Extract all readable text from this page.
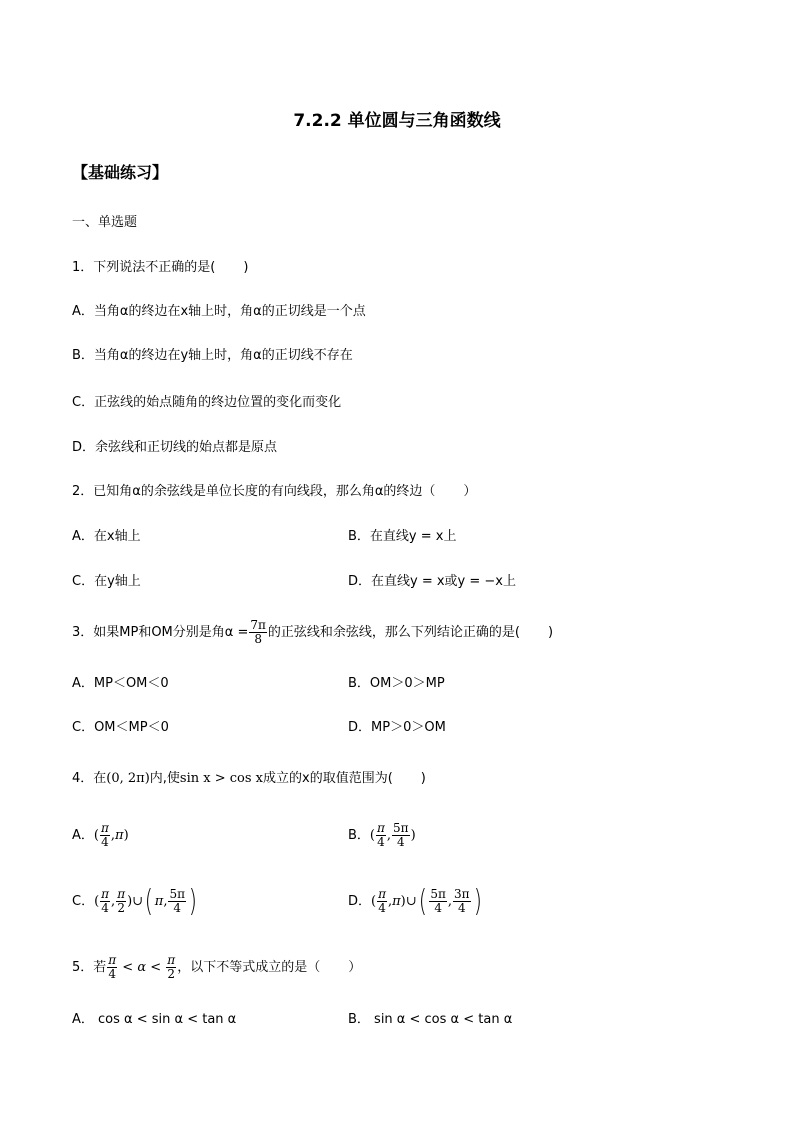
7.2.2 单位圆与三角函数线
【基础练习】
一、单选题
1．下列说法不正确的是( )
A．当角α的终边在x轴上时，角α的正切线是一个点
B．当角α的终边在y轴上时，角α的正切线不存在
C．正弦线的始点随角的终边位置的变化而变化
D．余弦线和正切线的始点都是原点
2．已知角α的余弦线是单位长度的有向线段，那么角α的终边（ ）
A．在x轴上	B．在直线y = x上
C．在y轴上	D．在直线y = x或y = −x上
3．如果MP和OM分别是角$\alpha = \frac{7\pi}{8}$ 的正弦线和余弦线，那么下列结论正确的是( )
A．MP＜OM＜0	B．OM＞0＞MP
C．OM＜MP＜0	D．MP＞0＞OM
4．在(0, 2π)内,使sin x > cos x成立的x的取值范围为( )
A．( $\frac{\pi}{4} ,\pi$)	B．( $\frac{\pi}{4}$ , $\frac{5\pi}{4}$ )
C．( $\frac{\pi}{4}$ , $\frac{\pi}{2}$ )∪( π, $\frac{5\pi}{4}$ )	D．( $\frac{\pi}{4}$ ,π)∪( $\frac{5\pi}{4}$ , $\frac{3\pi}{4}$ )
5．若 $\frac{\pi}{4} < \alpha < \frac{\pi}{2}$ ，以下不等式成立的是（ ）
A． cos α < sin α < tan α	B． sin α < cos α < tan α
